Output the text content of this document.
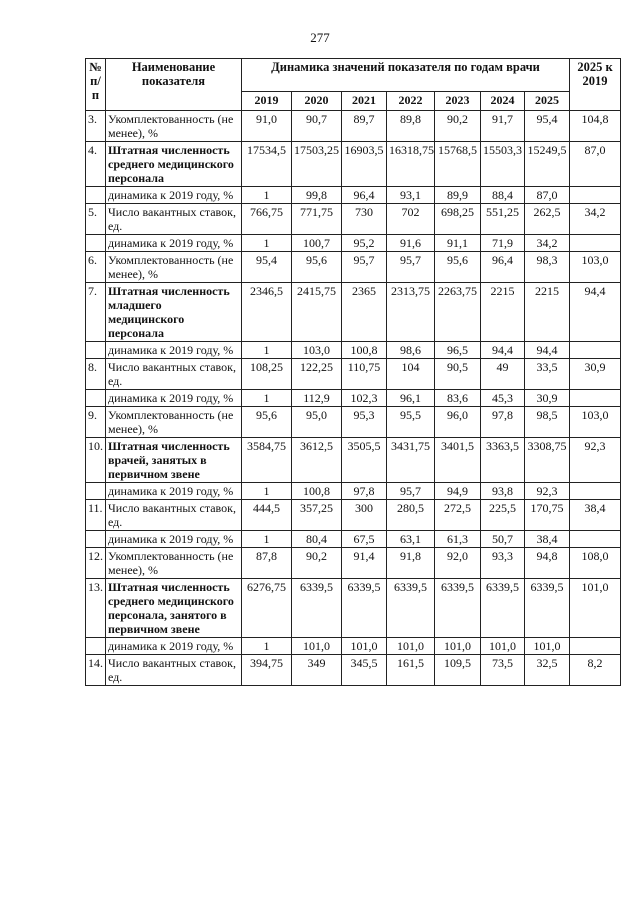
277
№ п/п	Наименование показателя	Динамика значений показателя по годам врачи							2025 к 2019
		2019	2020	2021	2022	2023	2024	2025	
3.	Укомплектованность (не менее), %	91,0	90,7	89,7	89,8	90,2	91,7	95,4	104,8
4.	Штатная численность среднего медицинского персонала	17534,5	17503,25	16903,5	16318,75	15768,5	15503,3	15249,5	87,0
	динамика к 2019 году, %	1	99,8	96,4	93,1	89,9	88,4	87,0	
5.	Число вакантных ставок, ед.	766,75	771,75	730	702	698,25	551,25	262,5	34,2
	динамика к 2019 году, %	1	100,7	95,2	91,6	91,1	71,9	34,2	
6.	Укомплектованность (не менее), %	95,4	95,6	95,7	95,7	95,6	96,4	98,3	103,0
7.	Штатная численность младшего медицинского персонала	2346,5	2415,75	2365	2313,75	2263,75	2215	2215	94,4
	динамика к 2019 году, %	1	103,0	100,8	98,6	96,5	94,4	94,4	
8.	Число вакантных ставок, ед.	108,25	122,25	110,75	104	90,5	49	33,5	30,9
	динамика к 2019 году, %	1	112,9	102,3	96,1	83,6	45,3	30,9	
9.	Укомплектованность (не менее), %	95,6	95,0	95,3	95,5	96,0	97,8	98,5	103,0
10.	Штатная численность врачей, занятых в первичном звене	3584,75	3612,5	3505,5	3431,75	3401,5	3363,5	3308,75	92,3
	динамика к 2019 году, %	1	100,8	97,8	95,7	94,9	93,8	92,3	
11.	Число вакантных ставок, ед.	444,5	357,25	300	280,5	272,5	225,5	170,75	38,4
	динамика к 2019 году, %	1	80,4	67,5	63,1	61,3	50,7	38,4	
12.	Укомплектованность (не менее), %	87,8	90,2	91,4	91,8	92,0	93,3	94,8	108,0
13.	Штатная численность среднего медицинского персонала, занятого в первичном звене	6276,75	6339,5	6339,5	6339,5	6339,5	6339,5	6339,5	101,0
	динамика к 2019 году, %	1	101,0	101,0	101,0	101,0	101,0	101,0	
14.	Число вакантных ставок, ед.	394,75	349	345,5	161,5	109,5	73,5	32,5	8,2
